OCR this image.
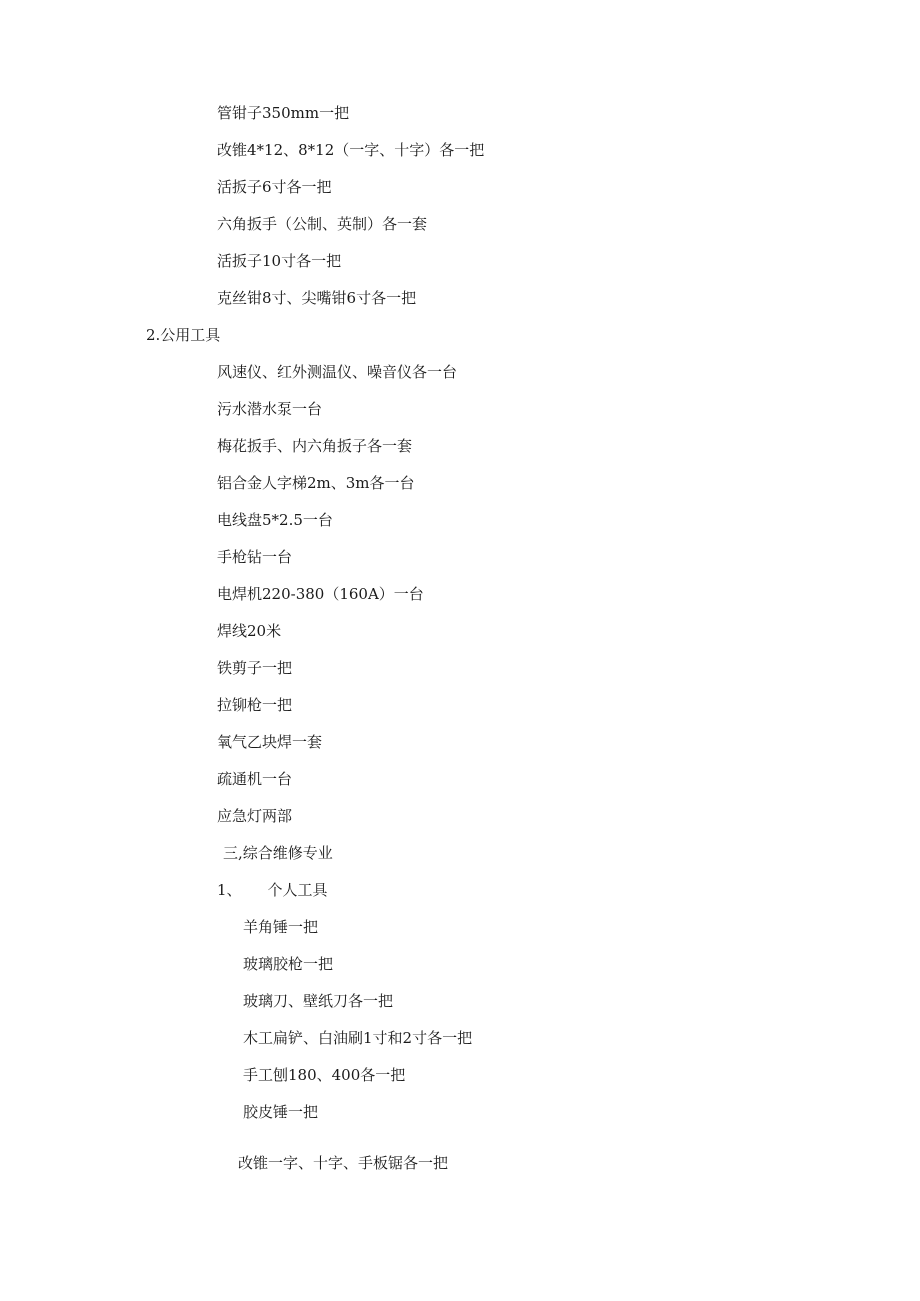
管钳子350mm一把
改锥4*12、8*12（一字、十字）各一把
活扳子6寸各一把
六角扳手（公制、英制）各一套
活扳子10寸各一把
克丝钳8寸、尖嘴钳6寸各一把
2.公用工具
风速仪、红外测温仪、噪音仪各一台
污水潜水泵一台
梅花扳手、内六角扳子各一套
铝合金人字梯2m、3m各一台
电线盘5*2.5一台
手枪钻一台
电焊机220-380（160A）一台
焊线20米
铁剪子一把
拉铆枪一把
氧气乙块焊一套
疏通机一台
应急灯两部
三,综合维修专业
1、 个人工具
羊角锤一把
玻璃胶枪一把
玻璃刀、壁纸刀各一把
木工扁铲、白油刷1寸和2寸各一把
手工刨180、400各一把
胶皮锤一把
改锥一字、十字、手板锯各一把
